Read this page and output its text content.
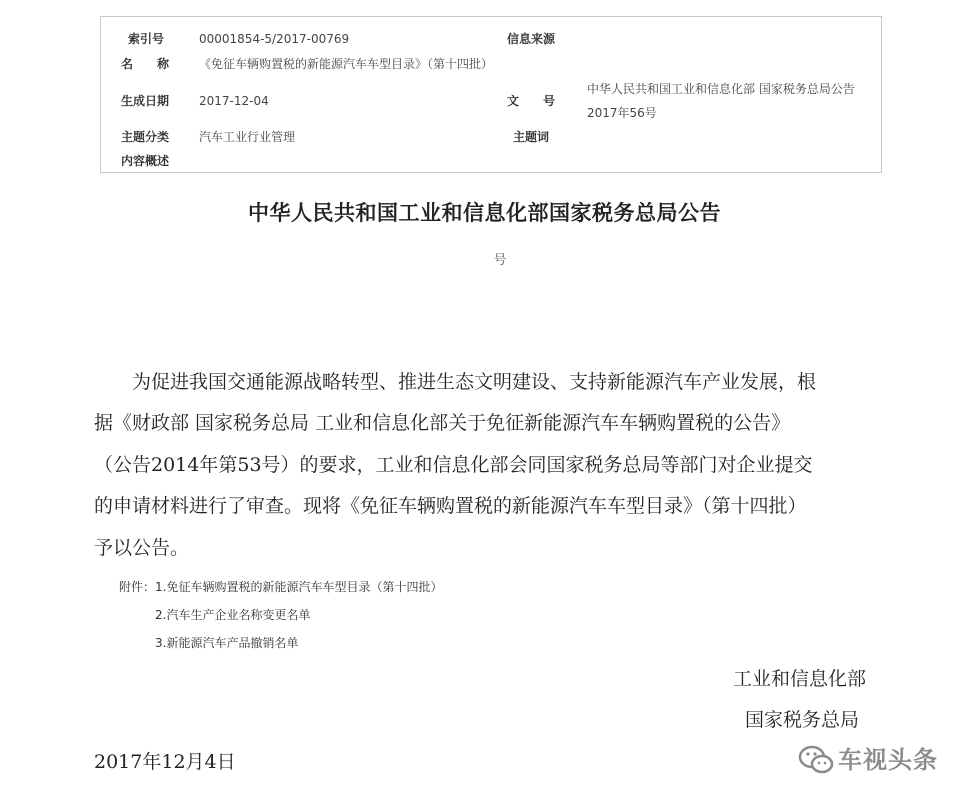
索引号	00001854-5/2017-00769	信息来源
名　　称 《免征车辆购置税的新能源汽车车型目录》（第十四批）
生成日期 2017-12-04	文　　号
中华人民共和国工业和信息化部 国家税务总局公告
2017年56号
主题分类 汽车工业行业管理	主题词
内容概述
中华人民共和国工业和信息化部国家税务总局公告
号
为促进我国交通能源战略转型、推进生态文明建设、支持新能源汽车产业发展，根
据《财政部 国家税务总局 工业和信息化部关于免征新能源汽车车辆购置税的公告》
（公告2014年第53号）的要求，工业和信息化部会同国家税务总局等部门对企业提交
的申请材料进行了审查。现将《免征车辆购置税的新能源汽车车型目录》（第十四批）
予以公告。
附件：1.免征车辆购置税的新能源汽车车型目录（第十四批）
2.汽车生产企业名称变更名单
3.新能源汽车产品撤销名单
工业和信息化部
国家税务总局
2017年12月4日	车视头条
